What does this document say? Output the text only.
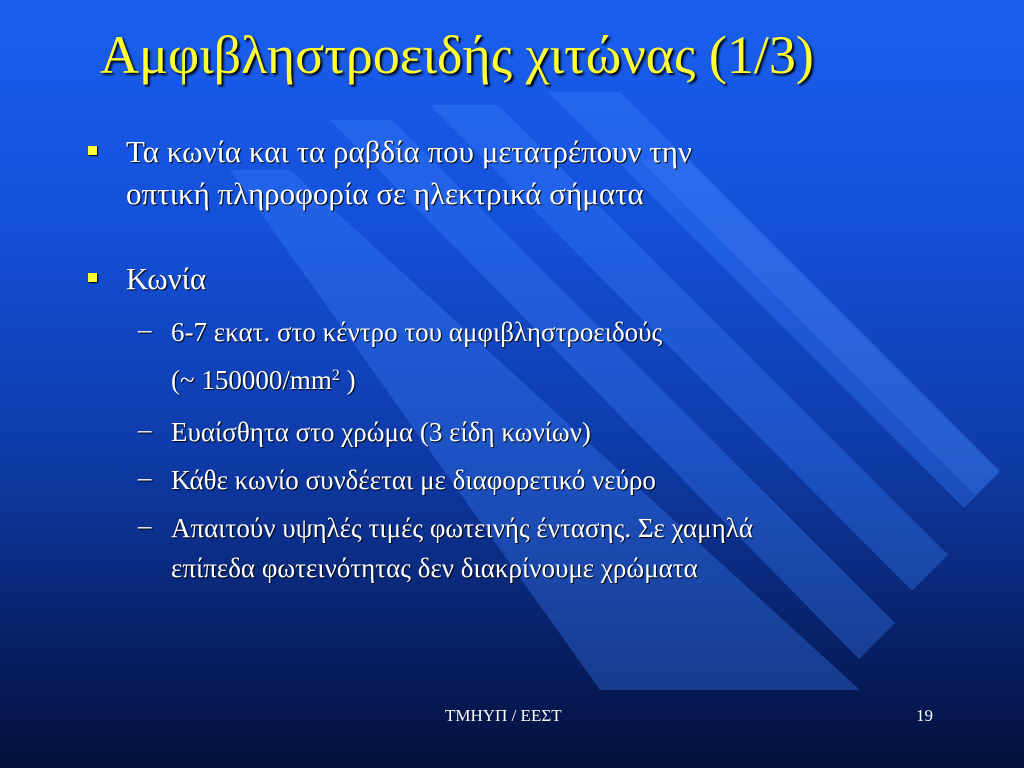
Αμφιβληστροειδής χιτώνας (1/3)
Τα κωνία και τα ραβδία που μετατρέπουν την
οπτική πληροφορία σε ηλεκτρικά σήματα
Κωνία
– 6-7 εκατ. στο κέντρο του αμφιβληστροειδούς
(~ $150000/mm^2$ )
– Ευαίσθητα στο χρώμα (3 είδη κωνίων)
– Κάθε κωνίο συνδέεται με διαφορετικό νεύρο
– Απαιτούν υψηλές τιμές φωτεινής έντασης. Σε χαμηλά
επίπεδα φωτεινότητας δεν διακρίνουμε χρώματα
ΤΜΗΥΠ / ΕΕΣΤ	19
